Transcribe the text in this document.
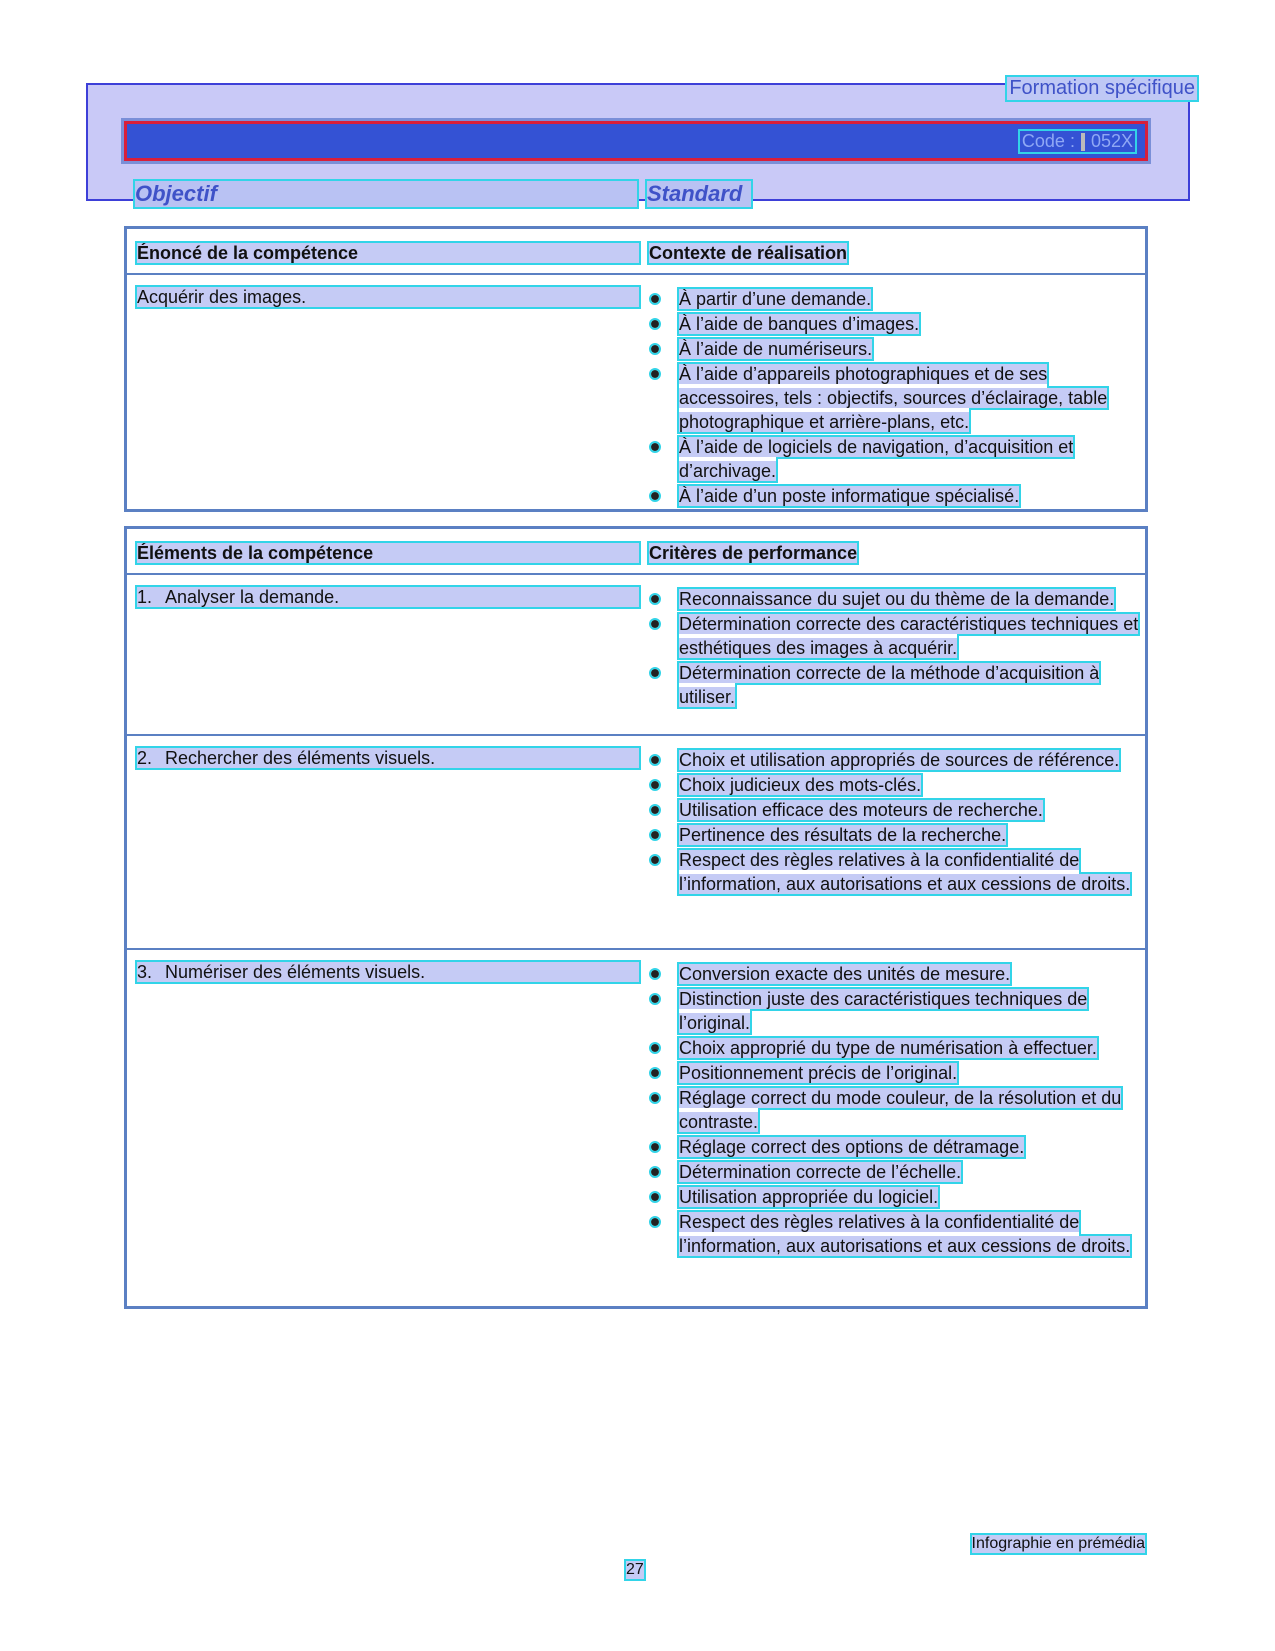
Formation spécifique
Code : 052X
Objectif	Standard
Énoncé de la compétence	Contexte de réalisation
Acquérir des images.	À partir d’une demande.
À l’aide de banques d’images.
À l’aide de numériseurs.
À l’aide d’appareils photographiques et de ses accessoires, tels : objectifs, sources d’éclairage, table photographique et arrière-plans, etc.
À l’aide de logiciels de navigation, d’acquisition et d’archivage.
À l’aide d’un poste informatique spécialisé.
Éléments de la compétence	Critères de performance
1. Analyser la demande.	Reconnaissance du sujet ou du thème de la demande.
Détermination correcte des caractéristiques techniques et esthétiques des images à acquérir.
Détermination correcte de la méthode d’acquisition à utiliser.
2. Rechercher des éléments visuels.	Choix et utilisation appropriés de sources de référence.
Choix judicieux des mots-clés.
Utilisation efficace des moteurs de recherche.
Pertinence des résultats de la recherche.
Respect des règles relatives à la confidentialité de l’information, aux autorisations et aux cessions de droits.
3. Numériser des éléments visuels.	Conversion exacte des unités de mesure.
Distinction juste des caractéristiques techniques de l’original.
Choix approprié du type de numérisation à effectuer.
Positionnement précis de l’original.
Réglage correct du mode couleur, de la résolution et du contraste.
Réglage correct des options de détramage.
Détermination correcte de l’échelle.
Utilisation appropriée du logiciel.
Respect des règles relatives à la confidentialité de l’information, aux autorisations et aux cessions de droits.
Infographie en prémédia
27
